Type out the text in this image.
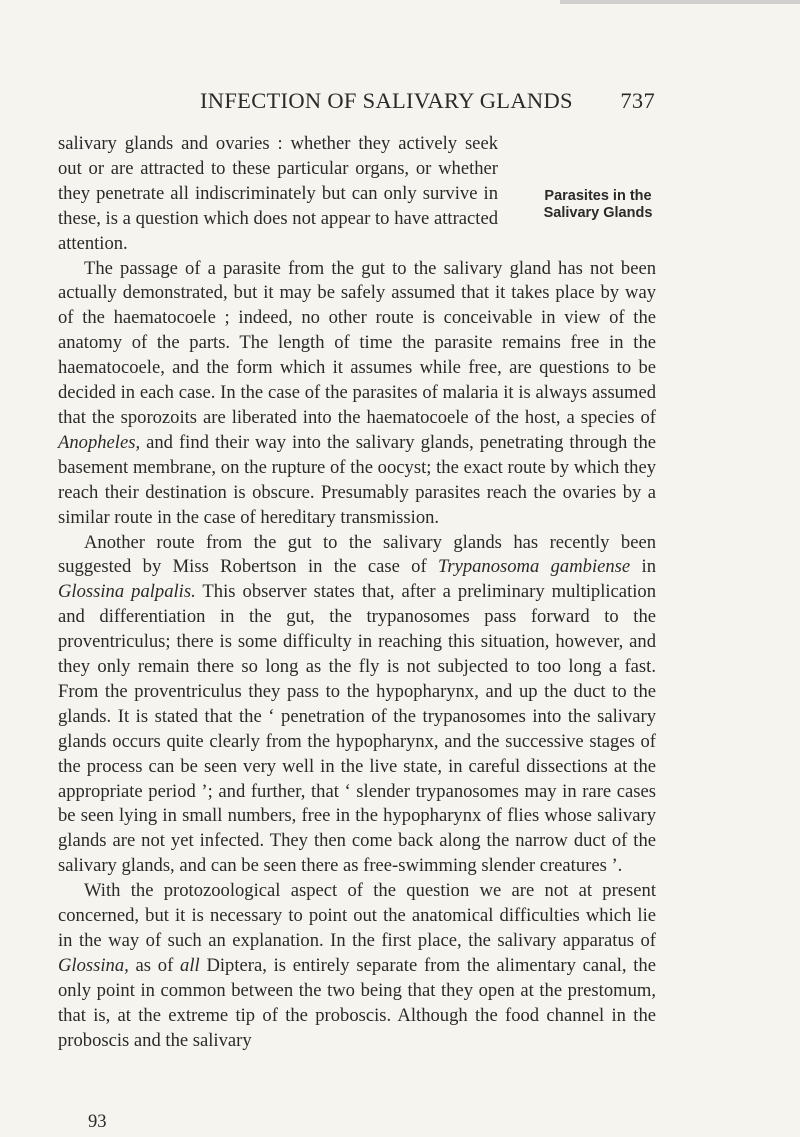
INFECTION OF SALIVARY GLANDS 737
Parasites in the
Salivary Glands

salivary glands and ovaries : whether they actively seek out or are attracted to these particular organs, or whether they penetrate all indiscriminately but can only survive in these, is a question which does not appear to have attracted attention.

The passage of a parasite from the gut to the salivary gland has not been actually demonstrated, but it may be safely assumed that it takes place by way of the haematocoele ; indeed, no other route is conceivable in view of the anatomy of the parts. The length of time the parasite remains free in the haematocoele, and the form which it assumes while free, are questions to be decided in each case. In the case of the parasites of malaria it is always assumed that the sporozoits are liberated into the haematocoele of the host, a species of Anopheles, and find their way into the salivary glands, penetrating through the basement membrane, on the rupture of the oocyst; the exact route by which they reach their destination is obscure. Presumably parasites reach the ovaries by a similar route in the case of hereditary transmission.

Another route from the gut to the salivary glands has recently been suggested by Miss Robertson in the case of Trypanosoma gambiense in Glossina palpalis. This observer states that, after a preliminary multiplication and differentiation in the gut, the trypanosomes pass forward to the proventriculus; there is some difficulty in reaching this situation, however, and they only remain there so long as the fly is not subjected to too long a fast. From the proventriculus they pass to the hypopharynx, and up the duct to the glands. It is stated that the ‘ penetration of the trypanosomes into the salivary glands occurs quite clearly from the hypopharynx, and the successive stages of the process can be seen very well in the live state, in careful dissections at the appropriate period ’; and further, that ‘ slender trypanosomes may in rare cases be seen lying in small numbers, free in the hypopharynx of flies whose salivary glands are not yet infected. They then come back along the narrow duct of the salivary glands, and can be seen there as free-swimming slender creatures ’.

With the protozoological aspect of the question we are not at present concerned, but it is necessary to point out the anatomical difficulties which lie in the way of such an explanation. In the first place, the salivary apparatus of Glossina, as of all Diptera, is entirely separate from the alimentary canal, the only point in common between the two being that they open at the prestomum, that is, at the extreme tip of the proboscis. Although the food channel in the proboscis and the salivary

93
